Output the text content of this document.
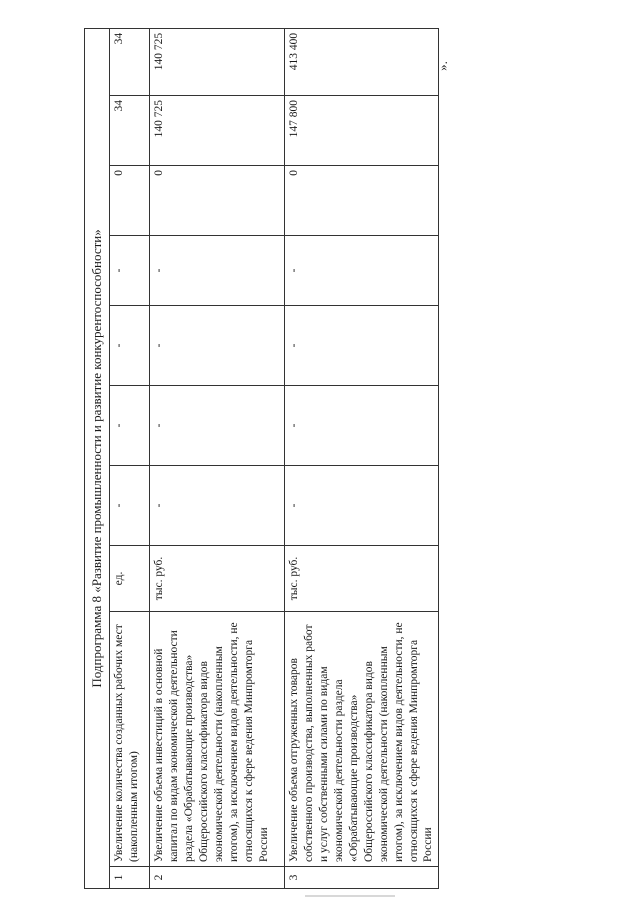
Подпрограмма 8 «Развитие промышленности и развитие конкурентоспособности»									
1	Увеличение количества созданных рабочих мест (накопленным итогом)	ед.	-	-	-	-	0	34	34
2	Увеличение объема инвестиций в основной капитал по видам экономической деятельности раздела «Обрабатывающие производства» Общероссийского классификатора видов экономической деятельности (накопленным итогом), за исключением видов деятельности, не относящихся к сфере ведения Минпромторга России	тыс. руб.	-	-	-	-	0	140 725	140 725
3	Увеличение объема отгруженных товаров собственного производства, выполненных работ и услуг собственными силами по видам экономической деятельности раздела «Обрабатывающие производства» Общероссийского классификатора видов экономической деятельности (накопленным итогом), за исключением видов деятельности, не относящихся к сфере ведения Минпромторга России	тыс. руб.	-	-	-	-	0	147 800	413 400	».
